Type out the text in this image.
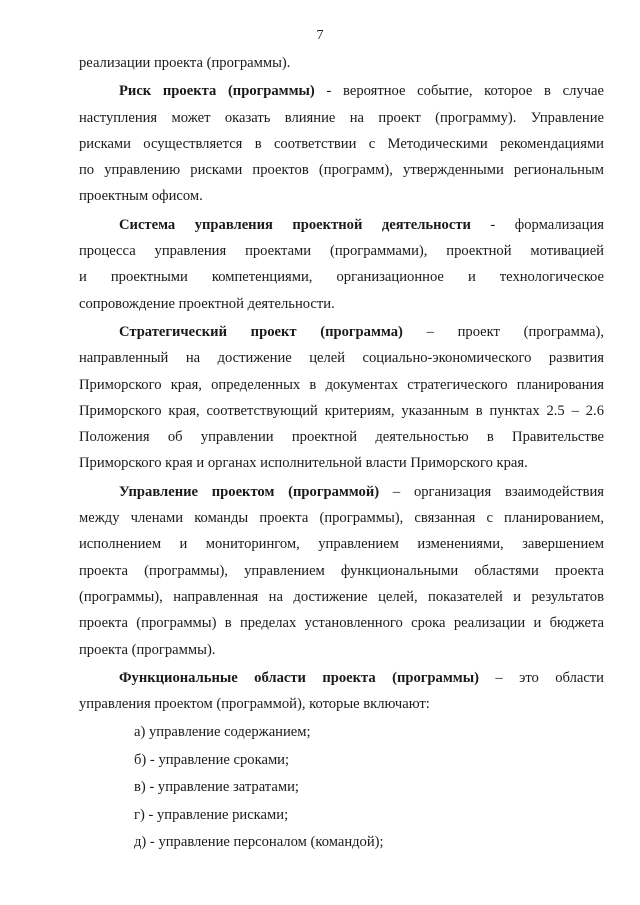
7
реализации проекта (программы).
Риск проекта (программы) - вероятное событие, которое в случае
наступления может оказать влияние на проект (программу). Управление
рисками осуществляется в соответствии с Методическими рекомендациями
по управлению рисками проектов (программ), утвержденными региональным
проектным офисом.
Система управления проектной деятельности - формализация
процесса управления проектами (программами), проектной мотивацией
и проектными компетенциями, организационное и технологическое
сопровождение проектной деятельности.
Стратегический проект (программа) – проект (программа),
направленный на достижение целей социально-экономического развития
Приморского края, определенных в документах стратегического планирования
Приморского края, соответствующий критериям, указанным в пунктах 2.5 – 2.6
Положения об управлении проектной деятельностью в Правительстве
Приморского края и органах исполнительной власти Приморского края.
Управление проектом (программой) – организация взаимодействия
между членами команды проекта (программы), связанная с планированием,
исполнением и мониторингом, управлением изменениями, завершением
проекта (программы), управлением функциональными областями проекта
(программы), направленная на достижение целей, показателей и результатов
проекта (программы) в пределах установленного срока реализации и бюджета
проекта (программы).
Функциональные области проекта (программы) – это области
управления проектом (программой), которые включают:
а) управление содержанием;
б) - управление сроками;
в) - управление затратами;
г) - управление рисками;
д) - управление персоналом (командой);
